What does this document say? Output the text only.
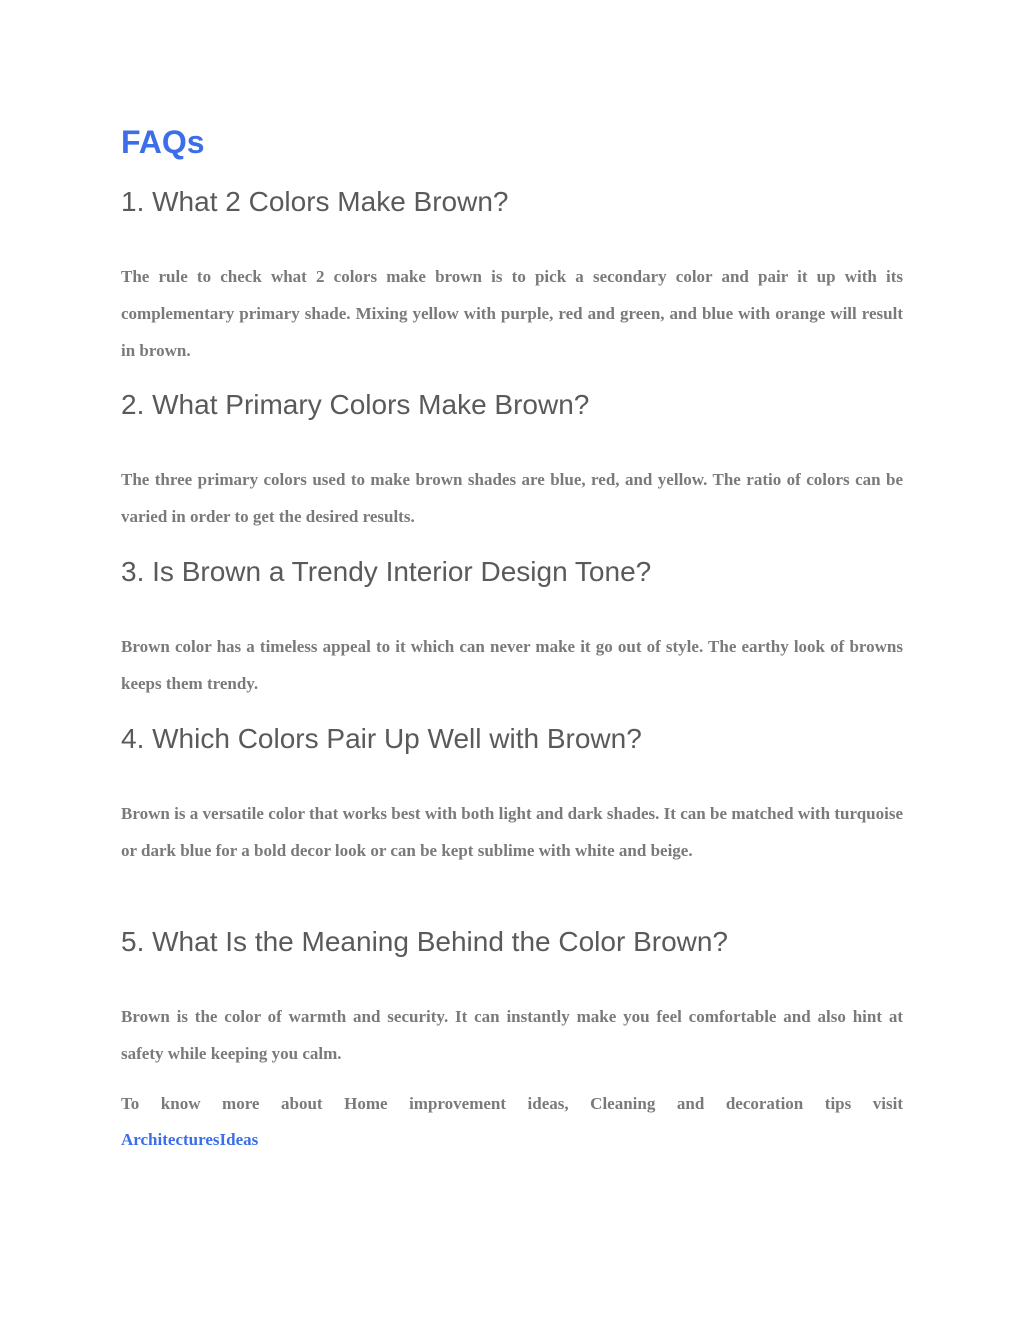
FAQs
1. What 2 Colors Make Brown?

The rule to check what 2 colors make brown is to pick a secondary color and pair it up with its complementary primary shade. Mixing yellow with purple, red and green, and blue with orange will result in brown.

2. What Primary Colors Make Brown?

The three primary colors used to make brown shades are blue, red, and yellow. The ratio of colors can be varied in order to get the desired results.

3. Is Brown a Trendy Interior Design Tone?

Brown color has a timeless appeal to it which can never make it go out of style. The earthy look of browns keeps them trendy.

4. Which Colors Pair Up Well with Brown?

Brown is a versatile color that works best with both light and dark shades. It can be matched with turquoise or dark blue for a bold decor look or can be kept sublime with white and beige.

5. What Is the Meaning Behind the Color Brown?

Brown is the color of warmth and security. It can instantly make you feel comfortable and also hint at safety while keeping you calm.

To know more about Home improvement ideas, Cleaning and decoration tips visit
ArchitecturesIdeas
